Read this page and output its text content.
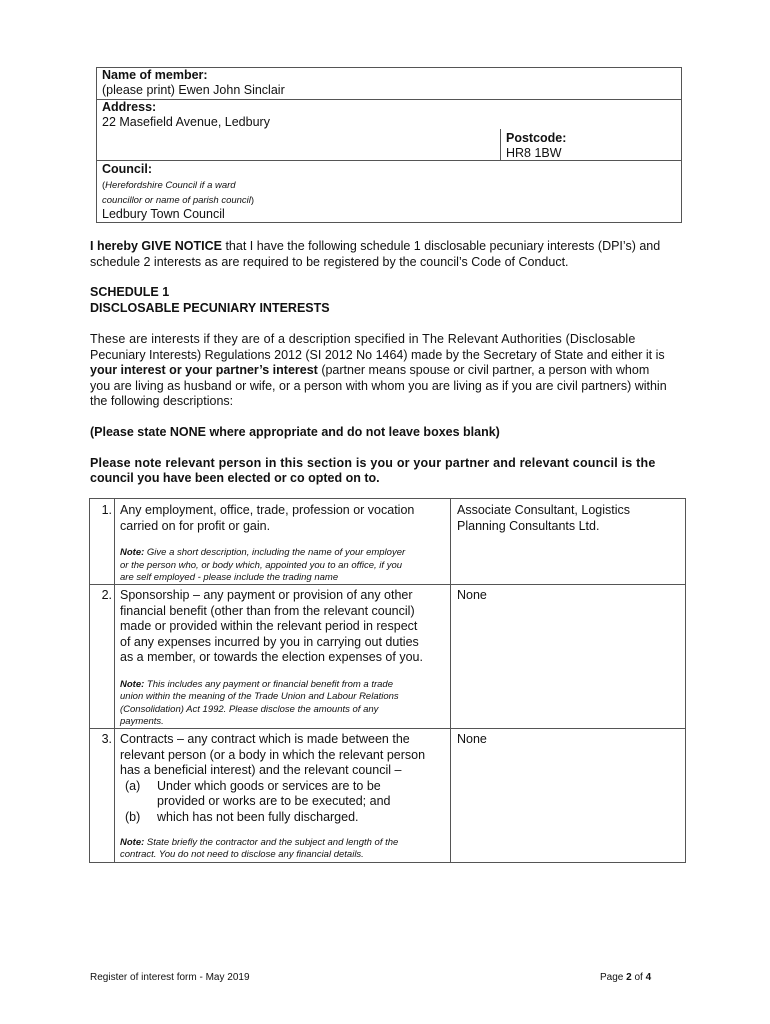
Name of member:
(please print) Ewen John Sinclair
Address:
22 Masefield Avenue, Ledbury
Postcode:
HR8 1BW
Council:
(Herefordshire Council if a ward
councillor or name of parish council)
Ledbury Town Council
I hereby GIVE NOTICE that I have the following schedule 1 disclosable pecuniary interests (DPI’s) and
schedule 2 interests as are required to be registered by the council’s Code of Conduct.
SCHEDULE 1
DISCLOSABLE PECUNIARY INTERESTS
These are interests if they are of a description specified in The Relevant Authorities (Disclosable
Pecuniary Interests) Regulations 2012 (SI 2012 No 1464) made by the Secretary of State and either it is
your interest or your partner’s interest (partner means spouse or civil partner, a person with whom
you are living as husband or wife, or a person with whom you are living as if you are civil partners) within
the following descriptions:
(Please state NONE where appropriate and do not leave boxes blank)
Please note relevant person in this section is you or your partner and relevant council is the
council you have been elected or co opted on to.
1. Any employment, office, trade, profession or vocation
carried on for profit or gain.
Note: Give a short description, including the name of your employer
or the person who, or body which, appointed you to an office, if you
are self employed - please include the trading name
Associate Consultant, Logistics
Planning Consultants Ltd.
2. Sponsorship – any payment or provision of any other
financial benefit (other than from the relevant council)
made or provided within the relevant period in respect
of any expenses incurred by you in carrying out duties
as a member, or towards the election expenses of you.
Note: This includes any payment or financial benefit from a trade
union within the meaning of the Trade Union and Labour Relations
(Consolidation) Act 1992. Please disclose the amounts of any
payments.
None
3. Contracts – any contract which is made between the
relevant person (or a body in which the relevant person
has a beneficial interest) and the relevant council –
(a) Under which goods or services are to be
provided or works are to be executed; and
(b) which has not been fully discharged.
Note: State briefly the contractor and the subject and length of the
contract. You do not need to disclose any financial details.
None
Register of interest form - May 2019	Page 2 of 4
